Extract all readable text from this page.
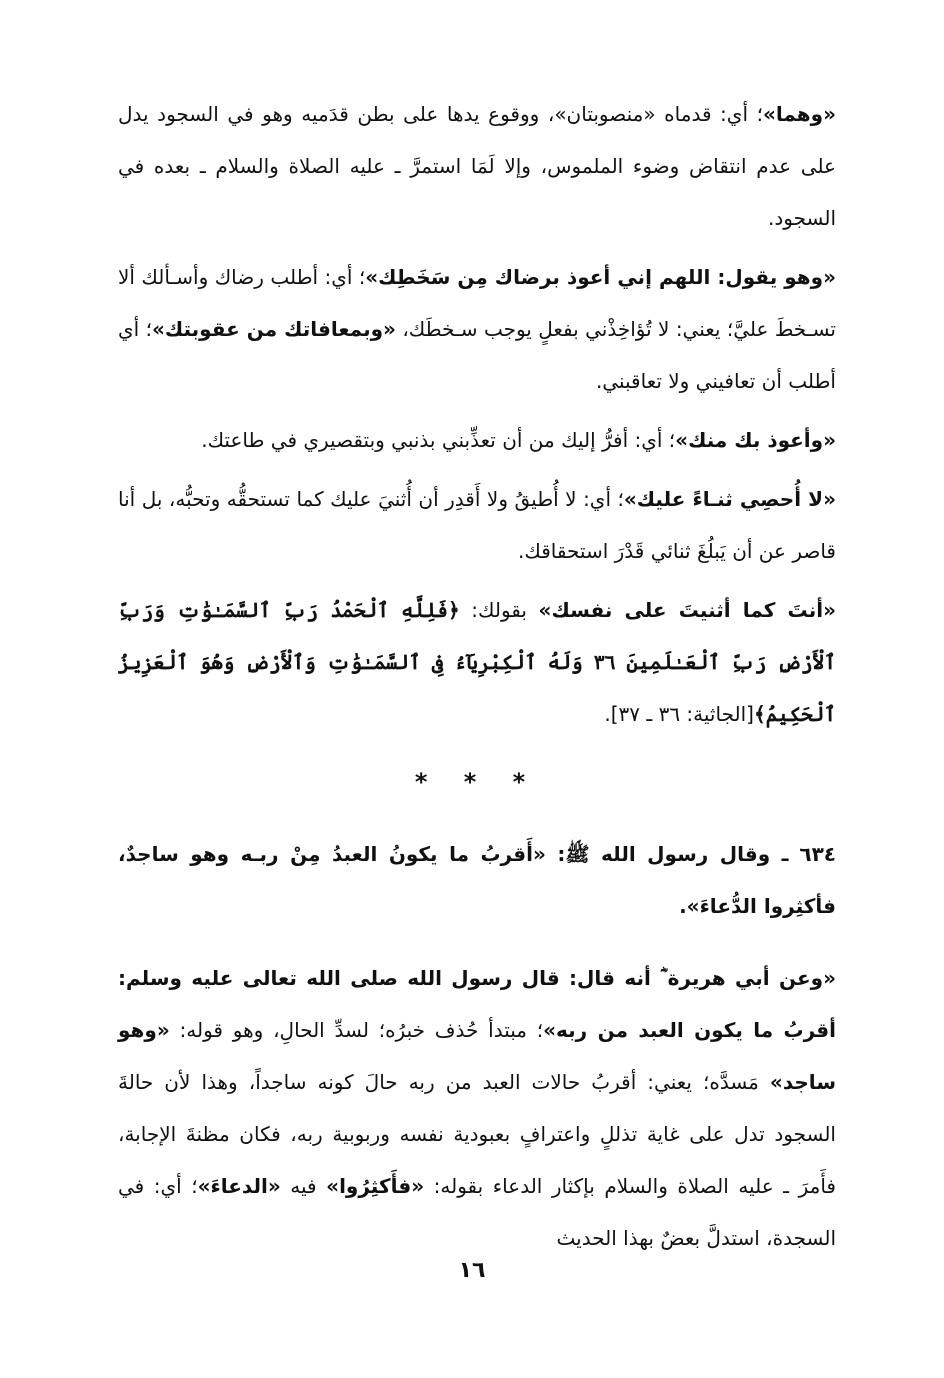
«وهما»؛ أي: قدماه «منصوبتان»، ووقوع يدها على بطن قدَميه وهو في السجود يدل على عدم انتقاض وضوء الملموس، وإلا لَمَا استمرَّ ـ عليه الصلاة والسلام ـ بعده في السجود.

«وهو يقول: اللهم إني أعوذ برضاك مِن سَخَطِك»؛ أي: أطلب رضاك وأسـألك ألا تسـخطَ عليَّ؛ يعني: لا تُؤاخِذْني بفعلٍ يوجب سـخطَك، «وبمعافاتك من عقوبتك»؛ أي أطلب أن تعافيني ولا تعاقبني.

«وأعوذ بك منك»؛ أي: أفرُّ إليك من أن تعذِّبني بذنبي وبتقصيري في طاعتك.

«لا أُحصِي ثنـاءً عليك»؛ أي: لا أُطيقُ ولا أَقدِر أن أُثنيَ عليك كما تستحقُّه وتحبُّه، بل أنا قاصر عن أن يَبلُغَ ثنائي قَدْرَ استحقاقك.

«أنتَ كما أثنيتَ على نفسك» بقولك: ﴿فَلِلَّهِ ٱلْحَمْدُ رَبِّ ٱلسَّمَـٰوَٰتِ وَرَبِّ ٱلْأَرْضِ رَبِّ ٱلْعَـٰلَمِينَ ٣٦ وَلَهُ ٱلْكِبْرِيَآءُ فِى ٱلسَّمَـٰوَٰتِ وَٱلْأَرْضِ وَهُوَ ٱلْعَزِيزُ ٱلْحَكِيمُ﴾[الجاثية: ٣٦ ـ ٣٧].

* * *

٦٣٤ ـ وقال رسول الله ﷺ: «أَقربُ ما يكونُ العبدُ مِنْ ربـه وهو ساجدٌ، فأكثِروا الدُّعاءَ».

«وعن أبي هريرة ؓ أنه قال: قال رسول الله صلى الله تعالى عليه وسلم: أقربُ ما يكون العبد من ربه»؛ مبتدأ حُذف خبرُه؛ لسدِّ الحالِ، وهو قوله: «وهو ساجد» مَسدَّه؛ يعني: أقربُ حالات العبد من ربه حالَ كونه ساجداً، وهذا لأن حالةَ السجود تدل على غاية تذللٍ واعترافٍ بعبودية نفسه وربوبية ربه، فكان مظنةَ الإجابة، فأَمرَ ـ عليه الصلاة والسلام بإكثار الدعاء بقوله: «فأَكثِرُوا» فيه «الدعاءَ»؛ أي: في السجدة، استدلَّ بعضٌ بهذا الحديث

١٦
